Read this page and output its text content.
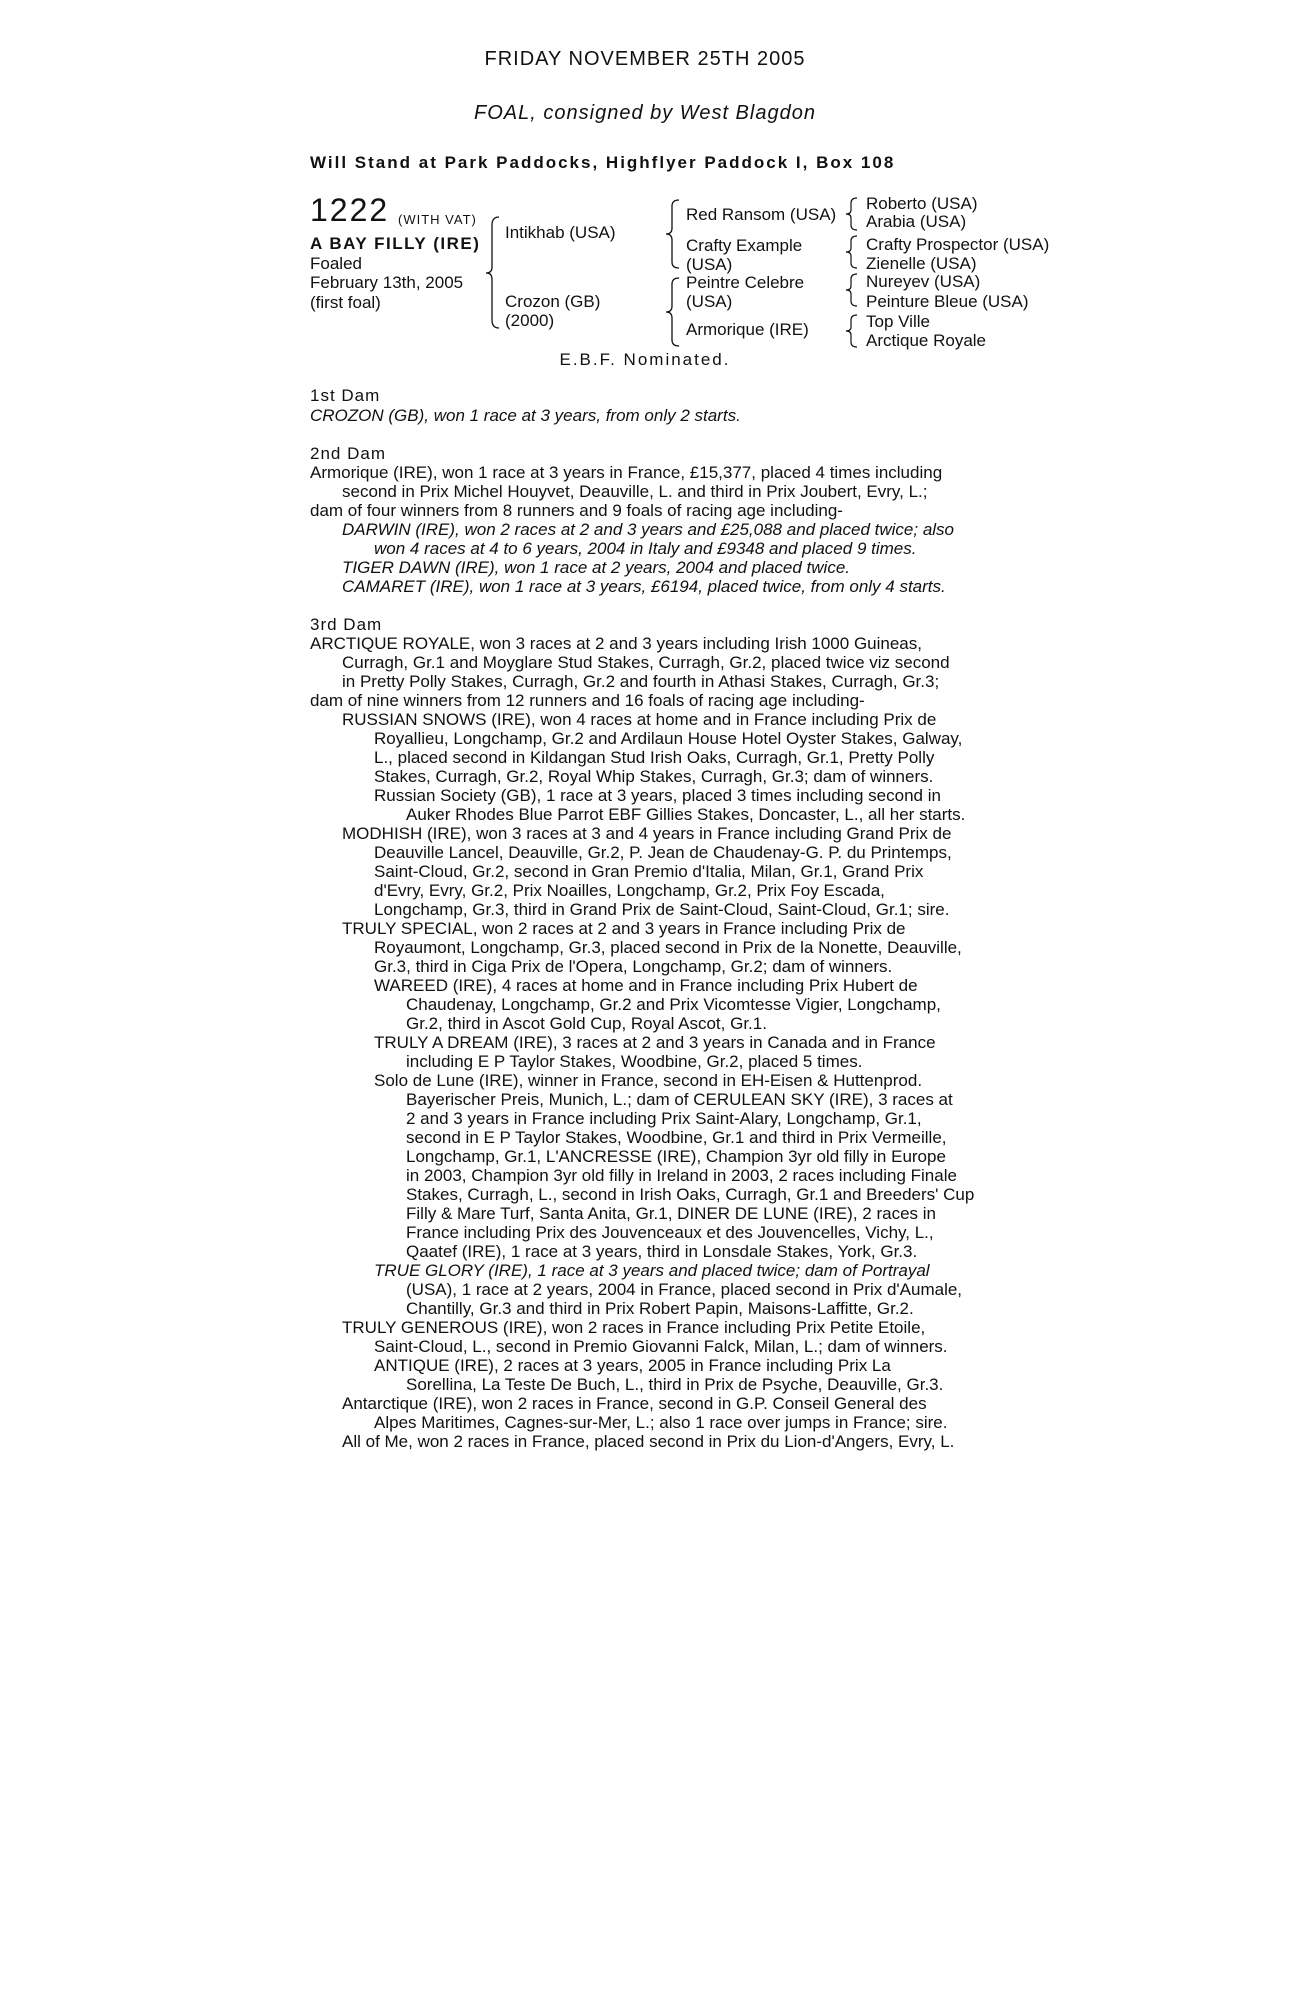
FRIDAY NOVEMBER 25TH 2005
FOAL, consigned by West Blagdon
Will Stand at Park Paddocks, Highflyer Paddock I, Box 108
1222 (WITH VAT)
A BAY FILLY (IRE)
Foaled
February 13th, 2005
(first foal)
Intikhab (USA)
Crozon (GB)
(2000)
Red Ransom (USA)
Crafty Example
(USA)
Peintre Celebre
(USA)
Armorique (IRE)
Roberto (USA)
Arabia (USA)
Crafty Prospector (USA)
Zienelle (USA)
Nureyev (USA)
Peinture Bleue (USA)
Top Ville
Arctique Royale
E.B.F. Nominated.
1st Dam
CROZON (GB), won 1 race at 3 years, from only 2 starts.
2nd Dam
Armorique (IRE), won 1 race at 3 years in France, £15,377, placed 4 times including
second in Prix Michel Houyvet, Deauville, L. and third in Prix Joubert, Evry, L.;
dam of four winners from 8 runners and 9 foals of racing age including-
DARWIN (IRE), won 2 races at 2 and 3 years and £25,088 and placed twice; also
won 4 races at 4 to 6 years, 2004 in Italy and £9348 and placed 9 times.
TIGER DAWN (IRE), won 1 race at 2 years, 2004 and placed twice.
CAMARET (IRE), won 1 race at 3 years, £6194, placed twice, from only 4 starts.
3rd Dam
ARCTIQUE ROYALE, won 3 races at 2 and 3 years including Irish 1000 Guineas,
Curragh, Gr.1 and Moyglare Stud Stakes, Curragh, Gr.2, placed twice viz second
in Pretty Polly Stakes, Curragh, Gr.2 and fourth in Athasi Stakes, Curragh, Gr.3;
dam of nine winners from 12 runners and 16 foals of racing age including-
RUSSIAN SNOWS (IRE), won 4 races at home and in France including Prix de
Royallieu, Longchamp, Gr.2 and Ardilaun House Hotel Oyster Stakes, Galway,
L., placed second in Kildangan Stud Irish Oaks, Curragh, Gr.1, Pretty Polly
Stakes, Curragh, Gr.2, Royal Whip Stakes, Curragh, Gr.3; dam of winners.
Russian Society (GB), 1 race at 3 years, placed 3 times including second in
Auker Rhodes Blue Parrot EBF Gillies Stakes, Doncaster, L., all her starts.
MODHISH (IRE), won 3 races at 3 and 4 years in France including Grand Prix de
Deauville Lancel, Deauville, Gr.2, P. Jean de Chaudenay-G. P. du Printemps,
Saint-Cloud, Gr.2, second in Gran Premio d'Italia, Milan, Gr.1, Grand Prix
d'Evry, Evry, Gr.2, Prix Noailles, Longchamp, Gr.2, Prix Foy Escada,
Longchamp, Gr.3, third in Grand Prix de Saint-Cloud, Saint-Cloud, Gr.1; sire.
TRULY SPECIAL, won 2 races at 2 and 3 years in France including Prix de
Royaumont, Longchamp, Gr.3, placed second in Prix de la Nonette, Deauville,
Gr.3, third in Ciga Prix de l'Opera, Longchamp, Gr.2; dam of winners.
WAREED (IRE), 4 races at home and in France including Prix Hubert de
Chaudenay, Longchamp, Gr.2 and Prix Vicomtesse Vigier, Longchamp,
Gr.2, third in Ascot Gold Cup, Royal Ascot, Gr.1.
TRULY A DREAM (IRE), 3 races at 2 and 3 years in Canada and in France
including E P Taylor Stakes, Woodbine, Gr.2, placed 5 times.
Solo de Lune (IRE), winner in France, second in EH-Eisen & Huttenprod.
Bayerischer Preis, Munich, L.; dam of CERULEAN SKY (IRE), 3 races at
2 and 3 years in France including Prix Saint-Alary, Longchamp, Gr.1,
second in E P Taylor Stakes, Woodbine, Gr.1 and third in Prix Vermeille,
Longchamp, Gr.1, L'ANCRESSE (IRE), Champion 3yr old filly in Europe
in 2003, Champion 3yr old filly in Ireland in 2003, 2 races including Finale
Stakes, Curragh, L., second in Irish Oaks, Curragh, Gr.1 and Breeders' Cup
Filly & Mare Turf, Santa Anita, Gr.1, DINER DE LUNE (IRE), 2 races in
France including Prix des Jouvenceaux et des Jouvencelles, Vichy, L.,
Qaatef (IRE), 1 race at 3 years, third in Lonsdale Stakes, York, Gr.3.
TRUE GLORY (IRE), 1 race at 3 years and placed twice; dam of Portrayal
(USA), 1 race at 2 years, 2004 in France, placed second in Prix d'Aumale,
Chantilly, Gr.3 and third in Prix Robert Papin, Maisons-Laffitte, Gr.2.
TRULY GENEROUS (IRE), won 2 races in France including Prix Petite Etoile,
Saint-Cloud, L., second in Premio Giovanni Falck, Milan, L.; dam of winners.
ANTIQUE (IRE), 2 races at 3 years, 2005 in France including Prix La
Sorellina, La Teste De Buch, L., third in Prix de Psyche, Deauville, Gr.3.
Antarctique (IRE), won 2 races in France, second in G.P. Conseil General des
Alpes Maritimes, Cagnes-sur-Mer, L.; also 1 race over jumps in France; sire.
All of Me, won 2 races in France, placed second in Prix du Lion-d'Angers, Evry, L.
